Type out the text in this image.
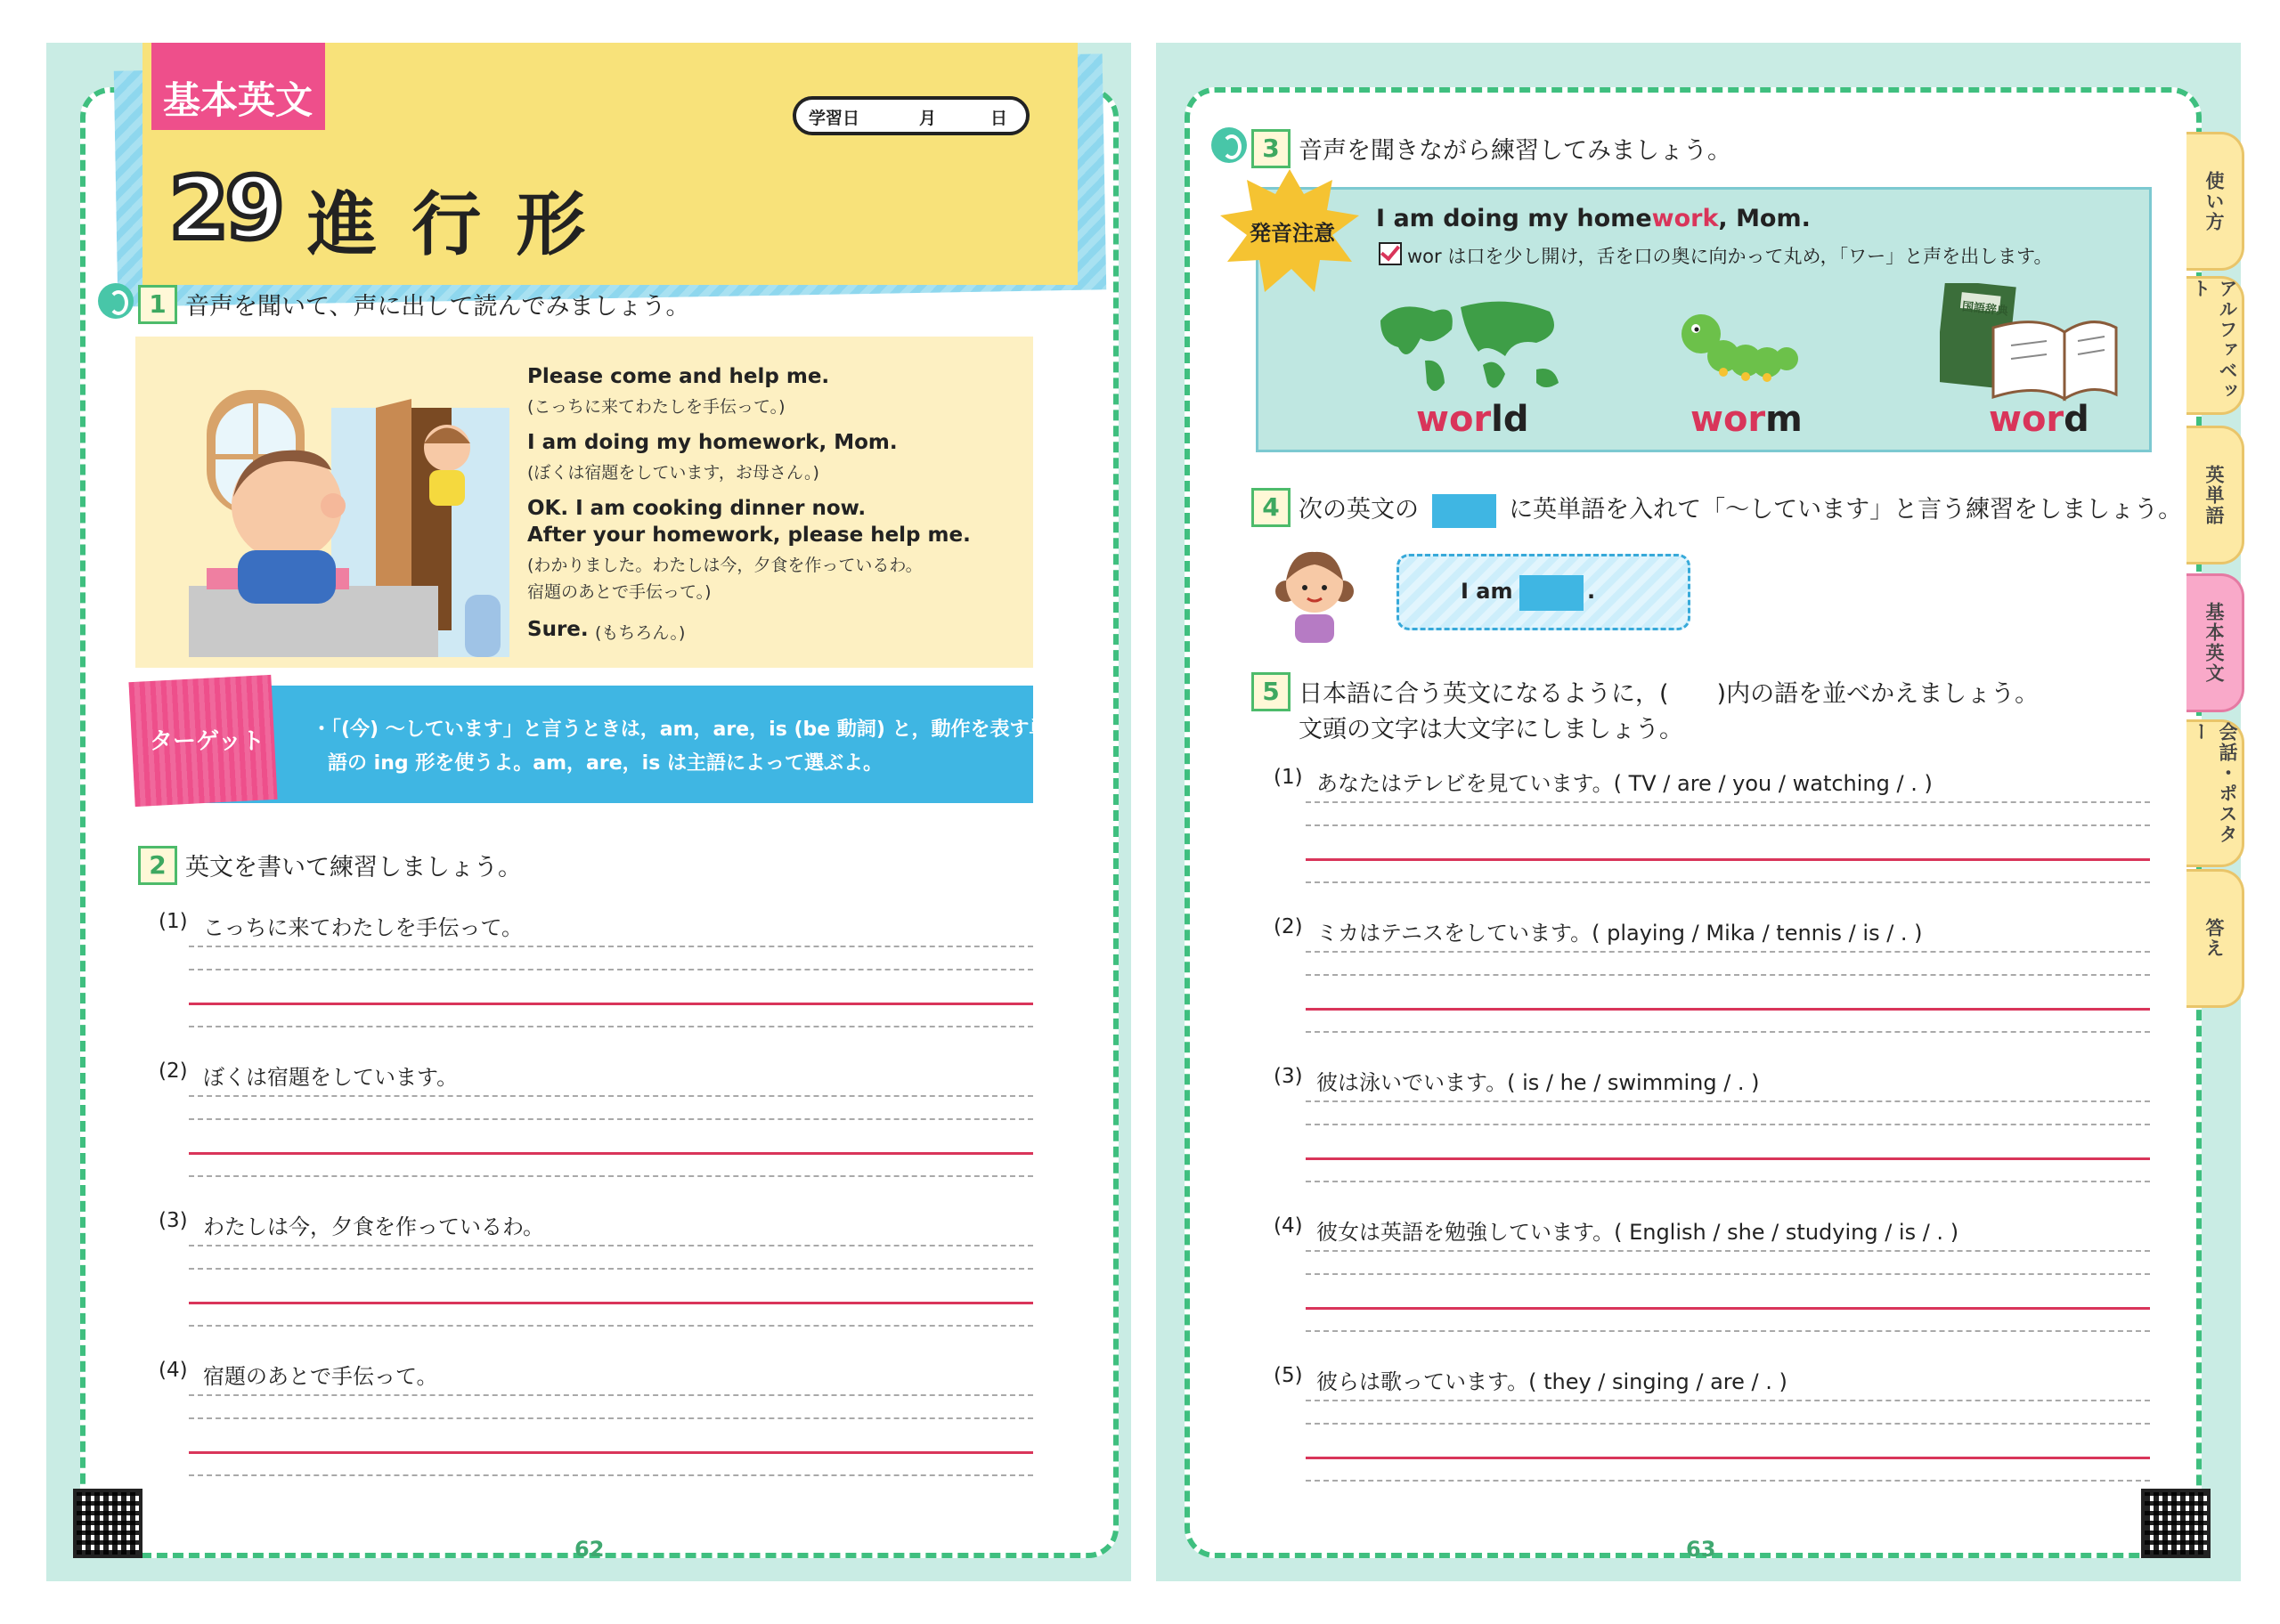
基本英文	学習日	月	日
29 進 行 形
1 音声を聞いて、声に出して読んでみましょう。
Please come and help me.
(こっちに来てわたしを手伝って。)
I am doing my homework, Mom.
(ぼくは宿題をしています，お母さん。)
OK. I am cooking dinner now.
After your homework, please help me.
(わかりました。わたしは今，夕食を作っているわ。
宿題のあとで手伝って。)
Sure. (もちろん。)
ターゲット ・「(今) ～しています」と言うときは，am，are，is (be 動詞) と，動作を表す単
語の ing 形を使うよ。am，are，is は主語によって選ぶよ。
2 英文を書いて練習しましょう。
(1) こっちに来てわたしを手伝って。
(2) ぼくは宿題をしています。
(3) わたしは今，夕食を作っているわ。
(4) 宿題のあとで手伝って。
62
3 音声を聞きながら練習してみましょう。
発音注意
I am doing my homework, Mom.
wor は口を少し開け，舌を口の奥に向かって丸め，「ワー」と声を出します。
国語辞典
world	worm	word
4 次の英文の	に英単語を入れて「～しています」と言う練習をしましょう。
I am	.
5 日本語に合う英文になるように，(　　)内の語を並べかえましょう。
文頭の文字は大文字にしましょう。
(1) あなたはテレビを見ています。( TV / are / you / watching / . )
(2) ミカはテニスをしています。( playing / Mika / tennis / is / . )
(3) 彼は泳いでいます。( is / he / swimming / . )
(4) 彼女は英語を勉強しています。( English / she / studying / is / . )
(5) 彼らは歌っています。( they / singing / are / . )
63
使い方
アルファベット
英単語
基本英文
会話・ポスター
答え
